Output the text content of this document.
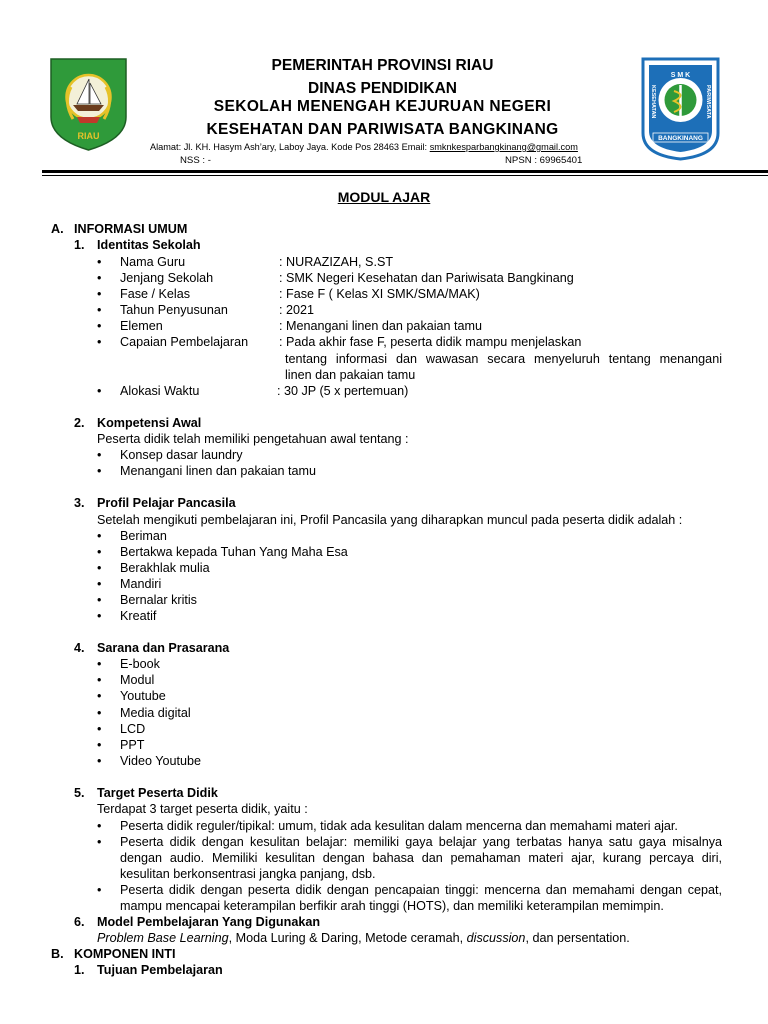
RIAU
PEMERINTAH PROVINSI RIAU
DINAS PENDIDIKAN
SEKOLAH MENENGAH KEJURUAN NEGERI
KESEHATAN DAN PARIWISATA BANGKINANG
Alamat: Jl. KH. Hasym Ash’ary, Laboy Jaya. Kode Pos 28463 Email: smknkesparbangkinang@gmail.com
NSS : -	NPSN : 69965401
S M K
KESEHATAN	PARIWISATA
BANGKINANG
MODUL AJAR
A. INFORMASI UMUM
1. Identitas Sekolah
• Nama Guru	: NURAZIZAH, S.ST
• Jenjang Sekolah	: SMK Negeri Kesehatan dan Pariwisata Bangkinang
• Fase / Kelas	: Fase F ( Kelas XI SMK/SMA/MAK)
• Tahun Penyusunan	: 2021
• Elemen	: Menangani linen dan pakaian tamu
• Capaian Pembelajaran : Pada akhir fase F, peserta didik mampu menjelaskan
tentang informasi dan wawasan secara menyeluruh tentang menangani
linen dan pakaian tamu
• Alokasi Waktu	: 30 JP (5 x pertemuan)
2. Kompetensi Awal
Peserta didik telah memiliki pengetahuan awal tentang :
• Konsep dasar laundry
• Menangani linen dan pakaian tamu
3. Profil Pelajar Pancasila
Setelah mengikuti pembelajaran ini, Profil Pancasila yang diharapkan muncul pada peserta didik adalah :
• Beriman
• Bertakwa kepada Tuhan Yang Maha Esa
• Berakhlak mulia
• Mandiri
• Bernalar kritis
• Kreatif
4. Sarana dan Prasarana
• E-book
• Modul
• Youtube
• Media digital
• LCD
• PPT
• Video Youtube
5. Target Peserta Didik
Terdapat 3 target peserta didik, yaitu :
• Peserta didik reguler/tipikal: umum, tidak ada kesulitan dalam mencerna dan memahami materi ajar.
• Peserta didik dengan kesulitan belajar: memiliki gaya belajar yang terbatas hanya satu gaya misalnya
dengan audio. Memiliki kesulitan dengan bahasa dan pemahaman materi ajar, kurang percaya diri,
kesulitan berkonsentrasi jangka panjang, dsb.
• Peserta didik dengan peserta didik dengan pencapaian tinggi: mencerna dan memahami dengan cepat,
mampu mencapai keterampilan berfikir arah tinggi (HOTS), dan memiliki keterampilan memimpin.
6. Model Pembelajaran Yang Digunakan
Problem Base Learning, Moda Luring & Daring, Metode ceramah, discussion, dan persentation.
B. KOMPONEN INTI
1. Tujuan Pembelajaran
